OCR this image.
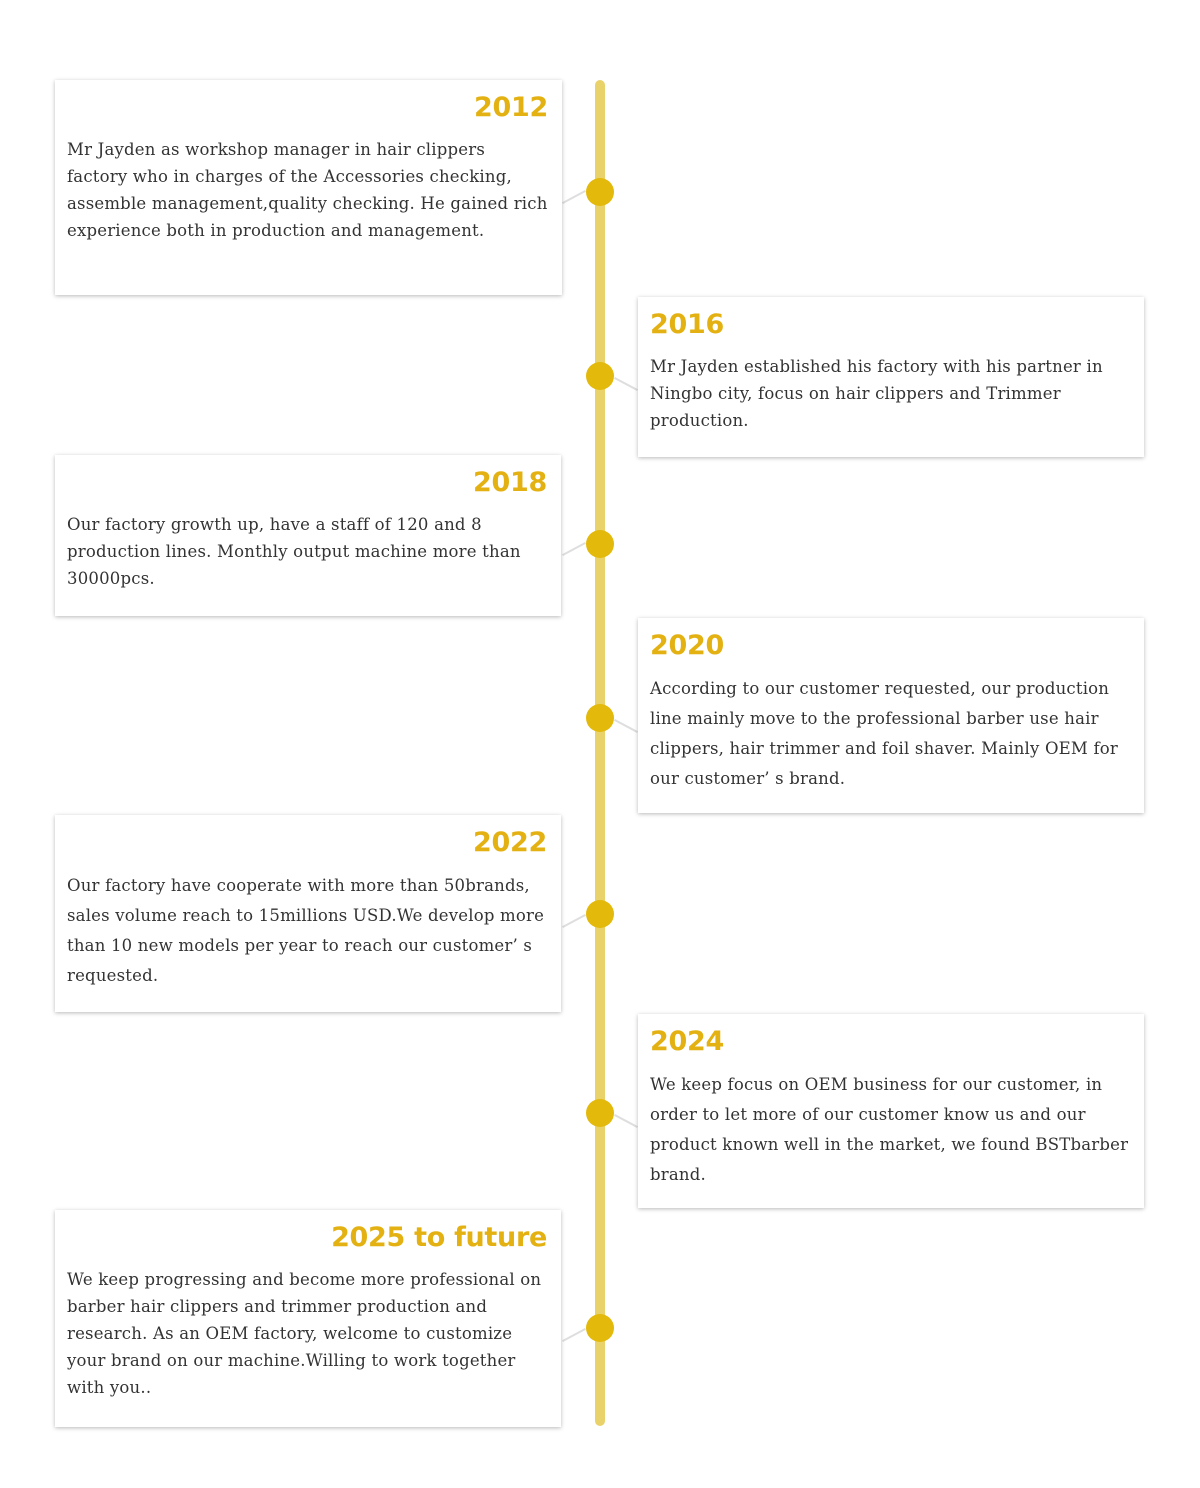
2012
Mr Jayden as workshop manager in hair clippers factory who in charges of the Accessories checking, assemble management,quality checking. He gained rich experience both in production and management.
2016
Mr Jayden established his factory with his partner in Ningbo city, focus on hair clippers and Trimmer production.
2018
Our factory growth up, have a staff of 120 and 8 production lines. Monthly output machine more than 30000pcs.
2020
According to our customer requested, our production line mainly move to the professional barber use hair clippers, hair trimmer and foil shaver. Mainly OEM for our customer’ s brand.
2022
Our factory have cooperate with more than 50brands, sales volume reach to 15millions USD.We develop more than 10 new models per year to reach our customer’ s requested.
2024
We keep focus on OEM business for our customer, in order to let more of our customer know us and our product known well in the market, we found BSTbarber brand.
2025 to future
We keep progressing and become more professional on barber hair clippers and trimmer production and research. As an OEM factory, welcome to customize your brand on our machine.Willing to work together with you..
